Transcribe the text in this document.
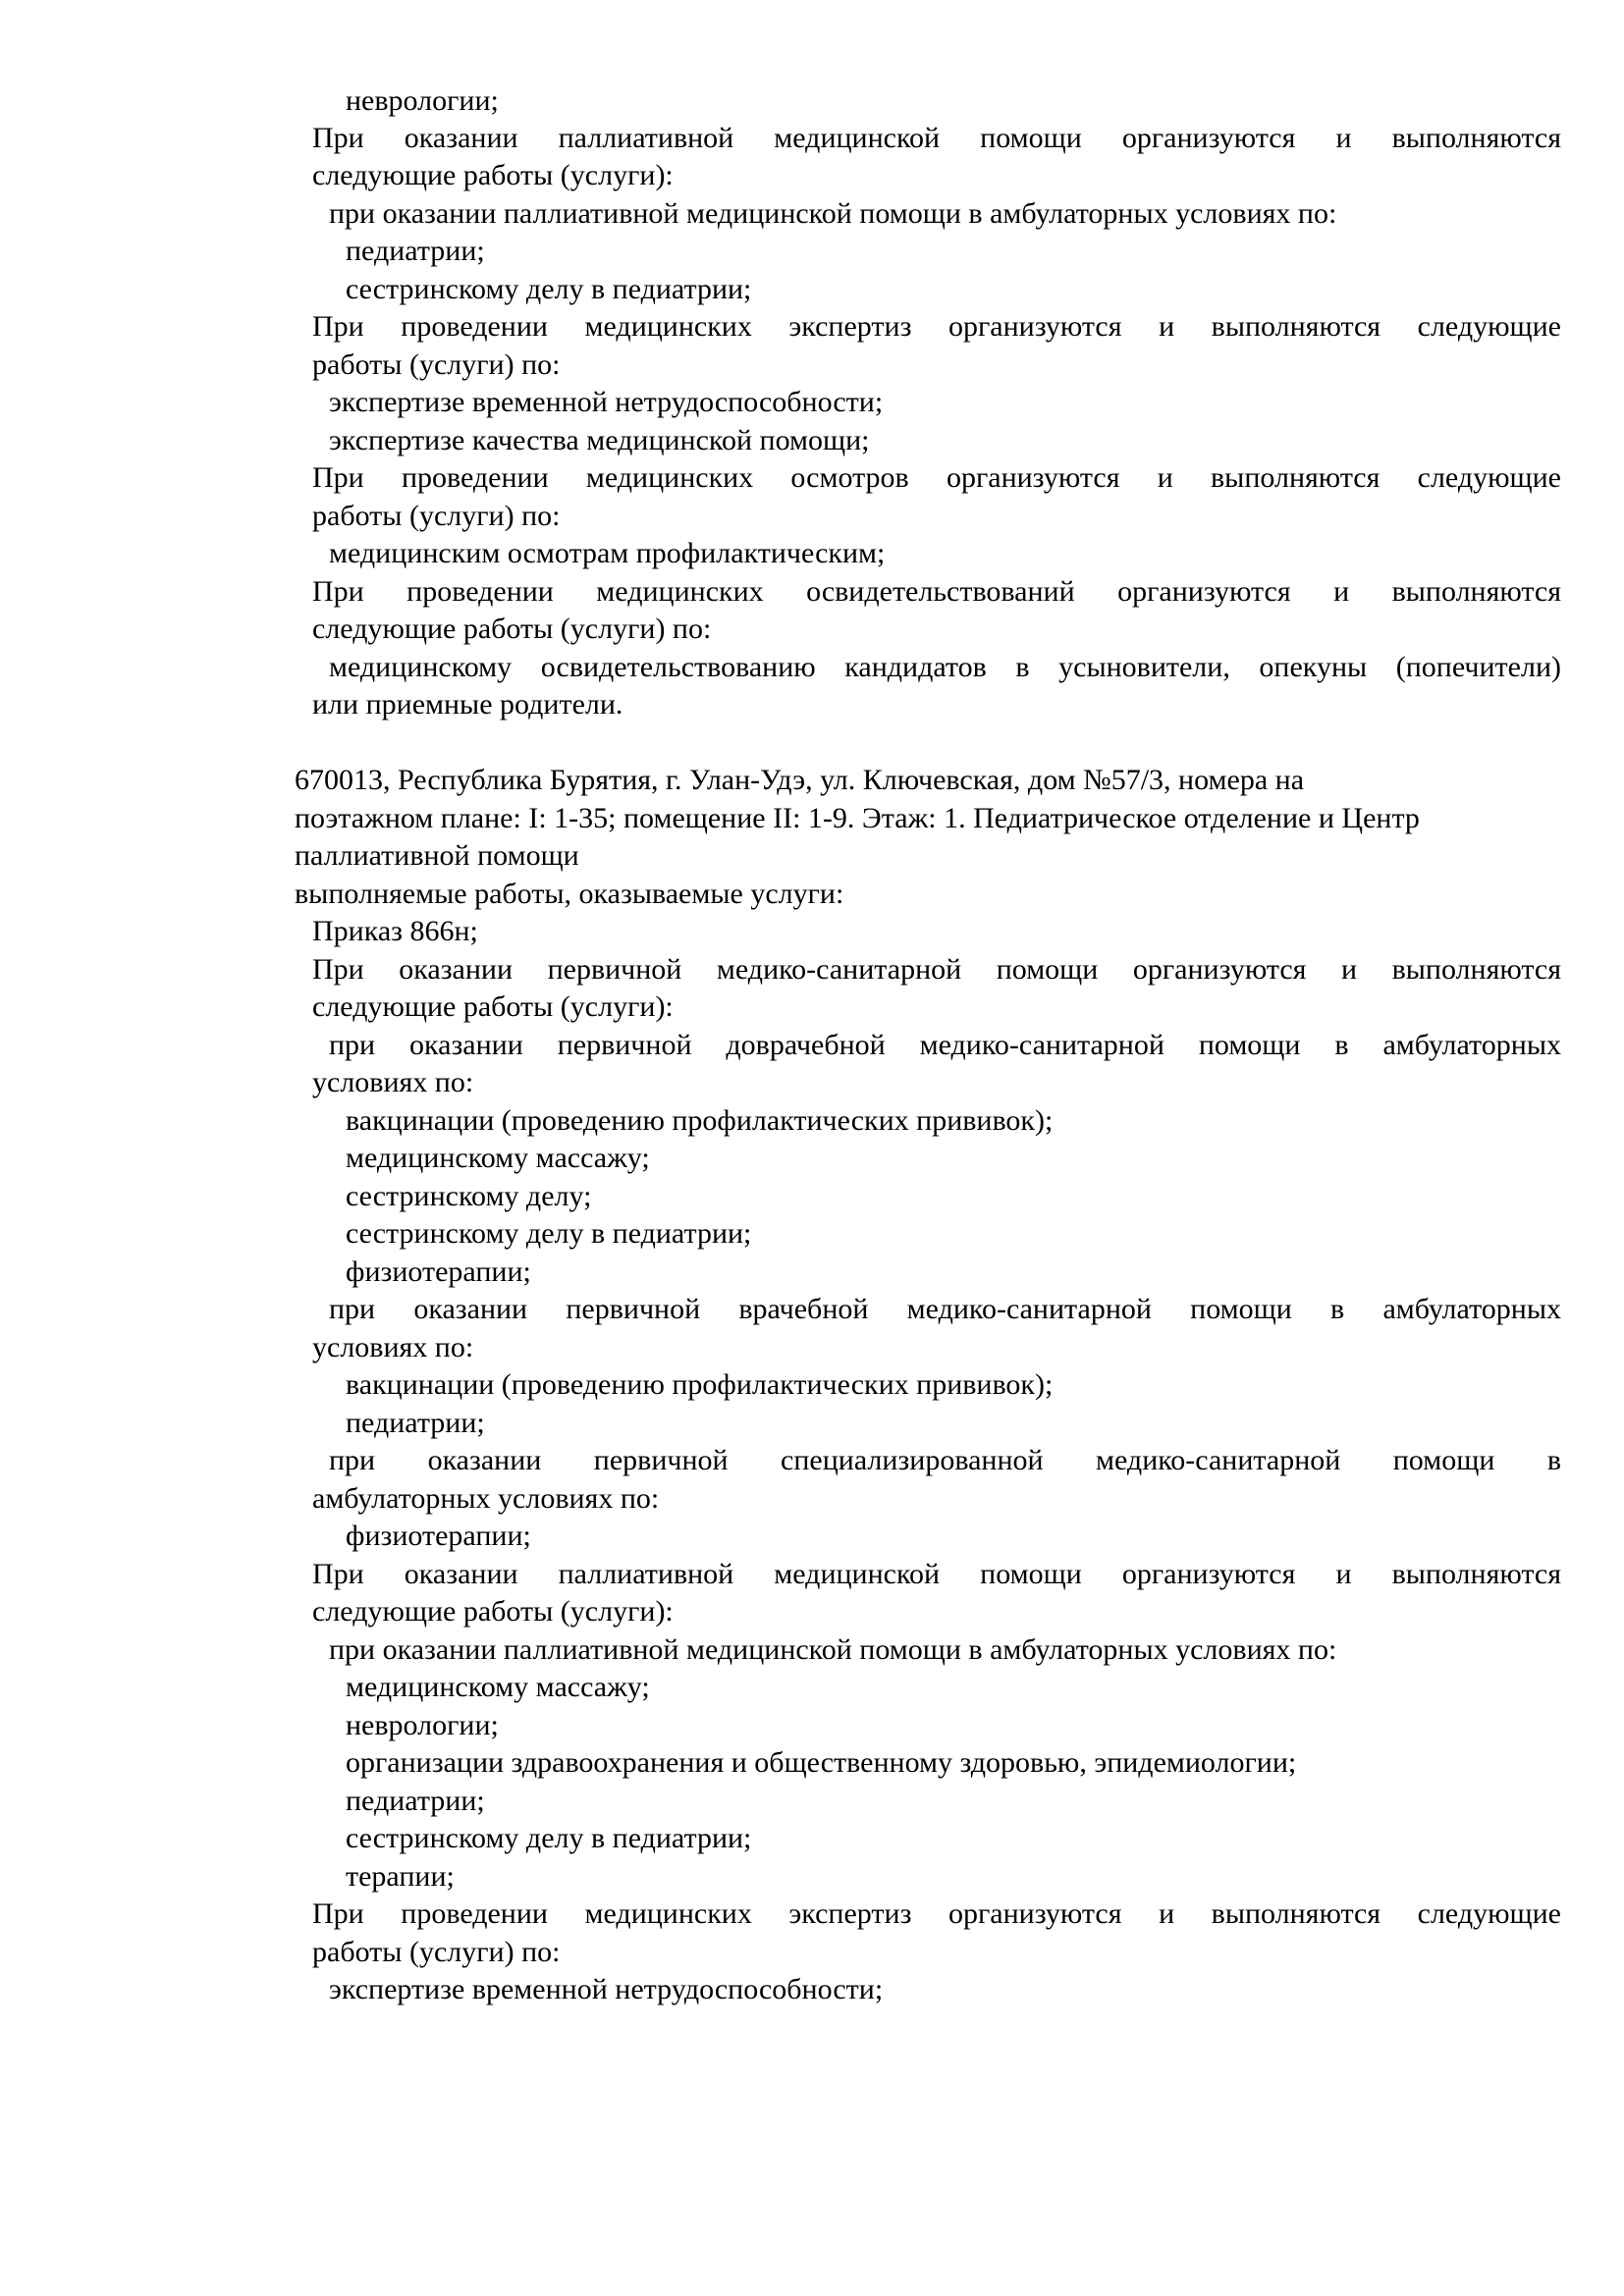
неврологии;
При оказании паллиативной медицинской помощи организуются и выполняются
следующие работы (услуги):
при оказании паллиативной медицинской помощи в амбулаторных условиях по:
педиатрии;
сестринскому делу в педиатрии;
При проведении медицинских экспертиз организуются и выполняются следующие
работы (услуги) по:
экспертизе временной нетрудоспособности;
экспертизе качества медицинской помощи;
При проведении медицинских осмотров организуются и выполняются следующие
работы (услуги) по:
медицинским осмотрам профилактическим;
При проведении медицинских освидетельствований организуются и выполняются
следующие работы (услуги) по:
медицинскому освидетельствованию кандидатов в усыновители, опекуны (попечители)
или приемные родители.
670013, Республика Бурятия, г. Улан-Удэ, ул. Ключевская, дом №57/3, номера на
поэтажном плане: I: 1-35; помещение II: 1-9. Этаж: 1. Педиатрическое отделение и Центр
паллиативной помощи
выполняемые работы, оказываемые услуги:
Приказ 866н;
При оказании первичной медико-санитарной помощи организуются и выполняются
следующие работы (услуги):
при оказании первичной доврачебной медико-санитарной помощи в амбулаторных
условиях по:
вакцинации (проведению профилактических прививок);
медицинскому массажу;
сестринскому делу;
сестринскому делу в педиатрии;
физиотерапии;
при оказании первичной врачебной медико-санитарной помощи в амбулаторных
условиях по:
вакцинации (проведению профилактических прививок);
педиатрии;
при оказании первичной специализированной медико-санитарной помощи в
амбулаторных условиях по:
физиотерапии;
При оказании паллиативной медицинской помощи организуются и выполняются
следующие работы (услуги):
при оказании паллиативной медицинской помощи в амбулаторных условиях по:
медицинскому массажу;
неврологии;
организации здравоохранения и общественному здоровью, эпидемиологии;
педиатрии;
сестринскому делу в педиатрии;
терапии;
При проведении медицинских экспертиз организуются и выполняются следующие
работы (услуги) по:
экспертизе временной нетрудоспособности;
